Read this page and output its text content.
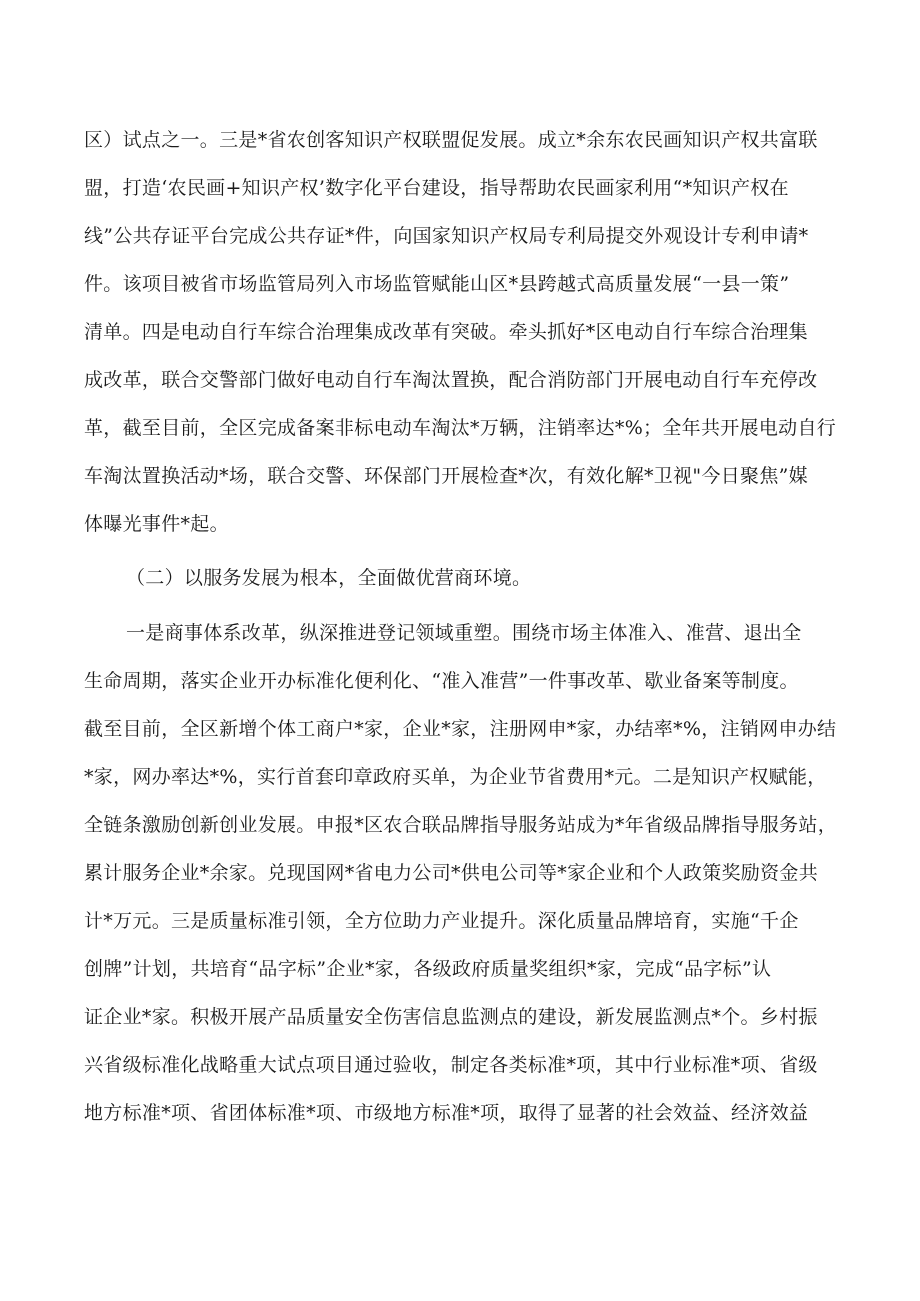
区）试点之一。三是*省农创客知识产权联盟促发展。成立*余东农民画知识产权共富联
盟，打造‘农民画+知识产权’数字化平台建设，指导帮助农民画家利用“*知识产权在
线”公共存证平台完成公共存证*件，向国家知识产权局专利局提交外观设计专利申请*
件。该项目被省市场监管局列入市场监管赋能山区*县跨越式高质量发展“一县一策”
清单。四是电动自行车综合治理集成改革有突破。牵头抓好*区电动自行车综合治理集
成改革，联合交警部门做好电动自行车淘汰置换，配合消防部门开展电动自行车充停改
革，截至目前，全区完成备案非标电动车淘汰*万辆，注销率达*%；全年共开展电动自行
车淘汰置换活动*场，联合交警、环保部门开展检查*次，有效化解*卫视"今日聚焦”媒
体曝光事件*起。
（二）以服务发展为根本，全面做优营商环境。
一是商事体系改革，纵深推进登记领域重塑。围绕市场主体准入、准营、退出全
生命周期，落实企业开办标准化便利化、“准入准营”一件事改革、歇业备案等制度。
截至目前，全区新增个体工商户*家，企业*家，注册网申*家，办结率*%，注销网申办结
*家，网办率达*%，实行首套印章政府买单，为企业节省费用*元。二是知识产权赋能，
全链条激励创新创业发展。申报*区农合联品牌指导服务站成为*年省级品牌指导服务站，
累计服务企业*余家。兑现国网*省电力公司*供电公司等*家企业和个人政策奖励资金共
计*万元。三是质量标准引领，全方位助力产业提升。深化质量品牌培育，实施“千企
创牌”计划，共培育“品字标”企业*家，各级政府质量奖组织*家，完成“品字标”认
证企业*家。积极开展产品质量安全伤害信息监测点的建设，新发展监测点*个。乡村振
兴省级标准化战略重大试点项目通过验收，制定各类标准*项，其中行业标准*项、省级
地方标准*项、省团体标准*项、市级地方标准*项，取得了显著的社会效益、经济效益
